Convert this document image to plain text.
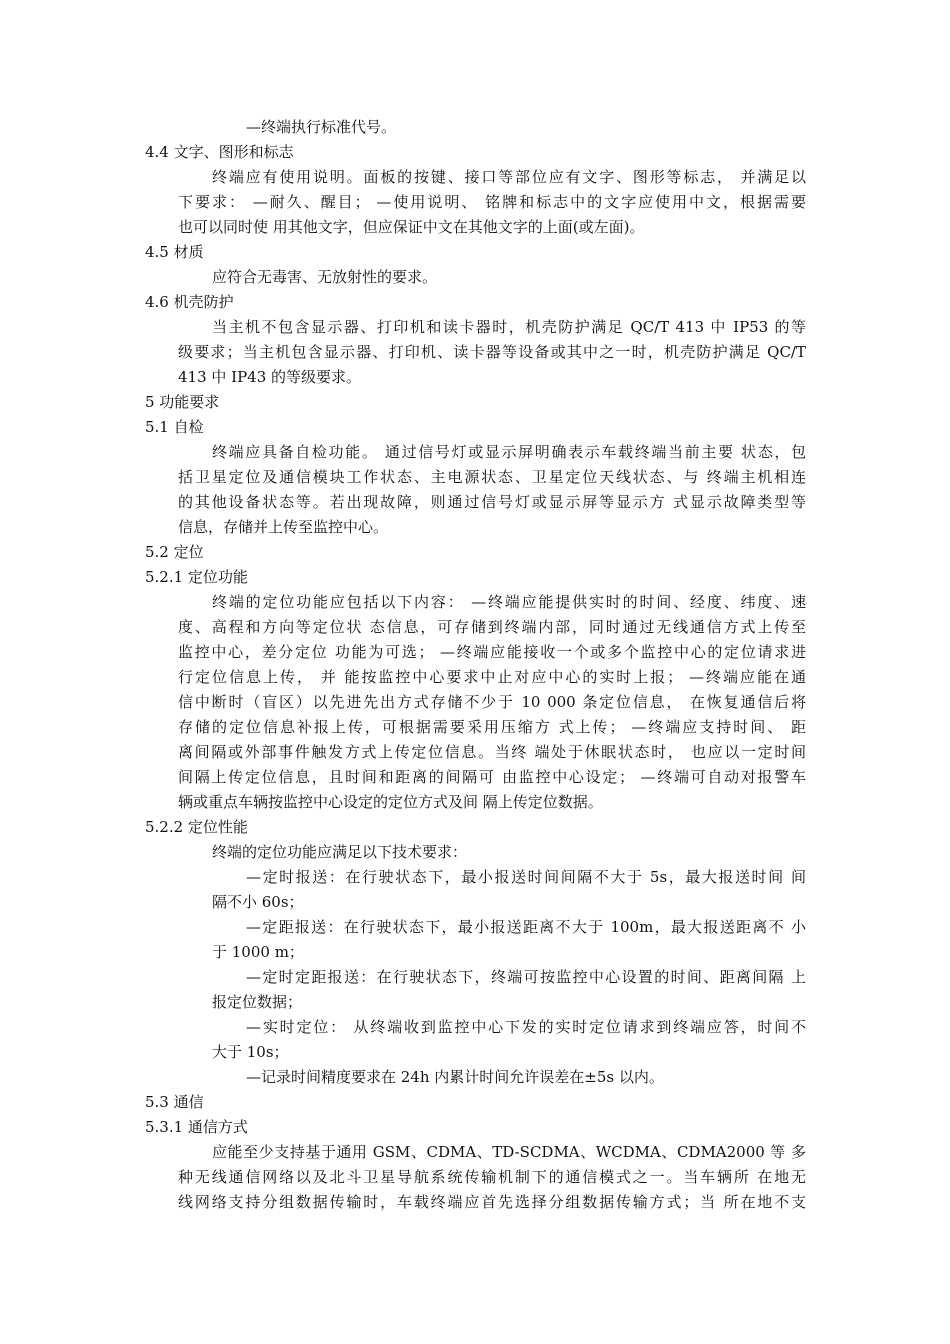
—终端执行标准代号。
4.4 文字、图形和标志
终端应有使用说明。面板的按键、接口等部位应有文字、图形等标志， 并满足以
下要求： —耐久、醒目； —使用说明、 铭牌和标志中的文字应使用中文，根据需要
也可以同时使 用其他文字，但应保证中文在其他文字的上面(或左面)。
4.5 材质
应符合无毒害、无放射性的要求。
4.6 机壳防护
当主机不包含显示器、打印机和读卡器时，机壳防护满足 QC/T 413 中 IP53 的等
级要求；当主机包含显示器、打印机、读卡器等设备或其中之一时，机壳防护满足 QC/T
413 中 IP43 的等级要求。
5 功能要求
5.1 自检
终端应具备自检功能。 通过信号灯或显示屏明确表示车载终端当前主要 状态，包
括卫星定位及通信模块工作状态、主电源状态、卫星定位天线状态、与 终端主机相连
的其他设备状态等。若出现故障，则通过信号灯或显示屏等显示方 式显示故障类型等
信息，存储并上传至监控中心。
5.2 定位
5.2.1 定位功能
终端的定位功能应包括以下内容： —终端应能提供实时的时间、经度、纬度、速
度、高程和方向等定位状 态信息，可存储到终端内部，同时通过无线通信方式上传至
监控中心，差分定位 功能为可选； —终端应能接收一个或多个监控中心的定位请求进
行定位信息上传， 并 能按监控中心要求中止对应中心的实时上报； —终端应能在通
信中断时（盲区）以先进先出方式存储不少于 10 000 条定位信息， 在恢复通信后将
存储的定位信息补报上传，可根据需要采用压缩方 式上传； —终端应支持时间、 距
离间隔或外部事件触发方式上传定位信息。当终 端处于休眠状态时， 也应以一定时间
间隔上传定位信息，且时间和距离的间隔可 由监控中心设定； —终端可自动对报警车
辆或重点车辆按监控中心设定的定位方式及间 隔上传定位数据。
5.2.2 定位性能
终端的定位功能应满足以下技术要求：
—定时报送：在行驶状态下，最小报送时间间隔不大于 5s，最大报送时间 间
隔不小 60s；
—定距报送：在行驶状态下，最小报送距离不大于 100m，最大报送距离不 小
于 1000 m；
—定时定距报送：在行驶状态下，终端可按监控中心设置的时间、距离间隔 上
报定位数据；
—实时定位： 从终端收到监控中心下发的实时定位请求到终端应答，时间不
大于 10s；
—记录时间精度要求在 24h 内累计时间允许误差在±5s 以内。
5.3 通信
5.3.1 通信方式
应能至少支持基于通用 GSM、CDMA、TD-SCDMA、WCDMA、CDMA2000 等 多
种无线通信网络以及北斗卫星导航系统传输机制下的通信模式之一。当车辆所 在地无
线网络支持分组数据传输时，车载终端应首先选择分组数据传输方式；当 所在地不支
